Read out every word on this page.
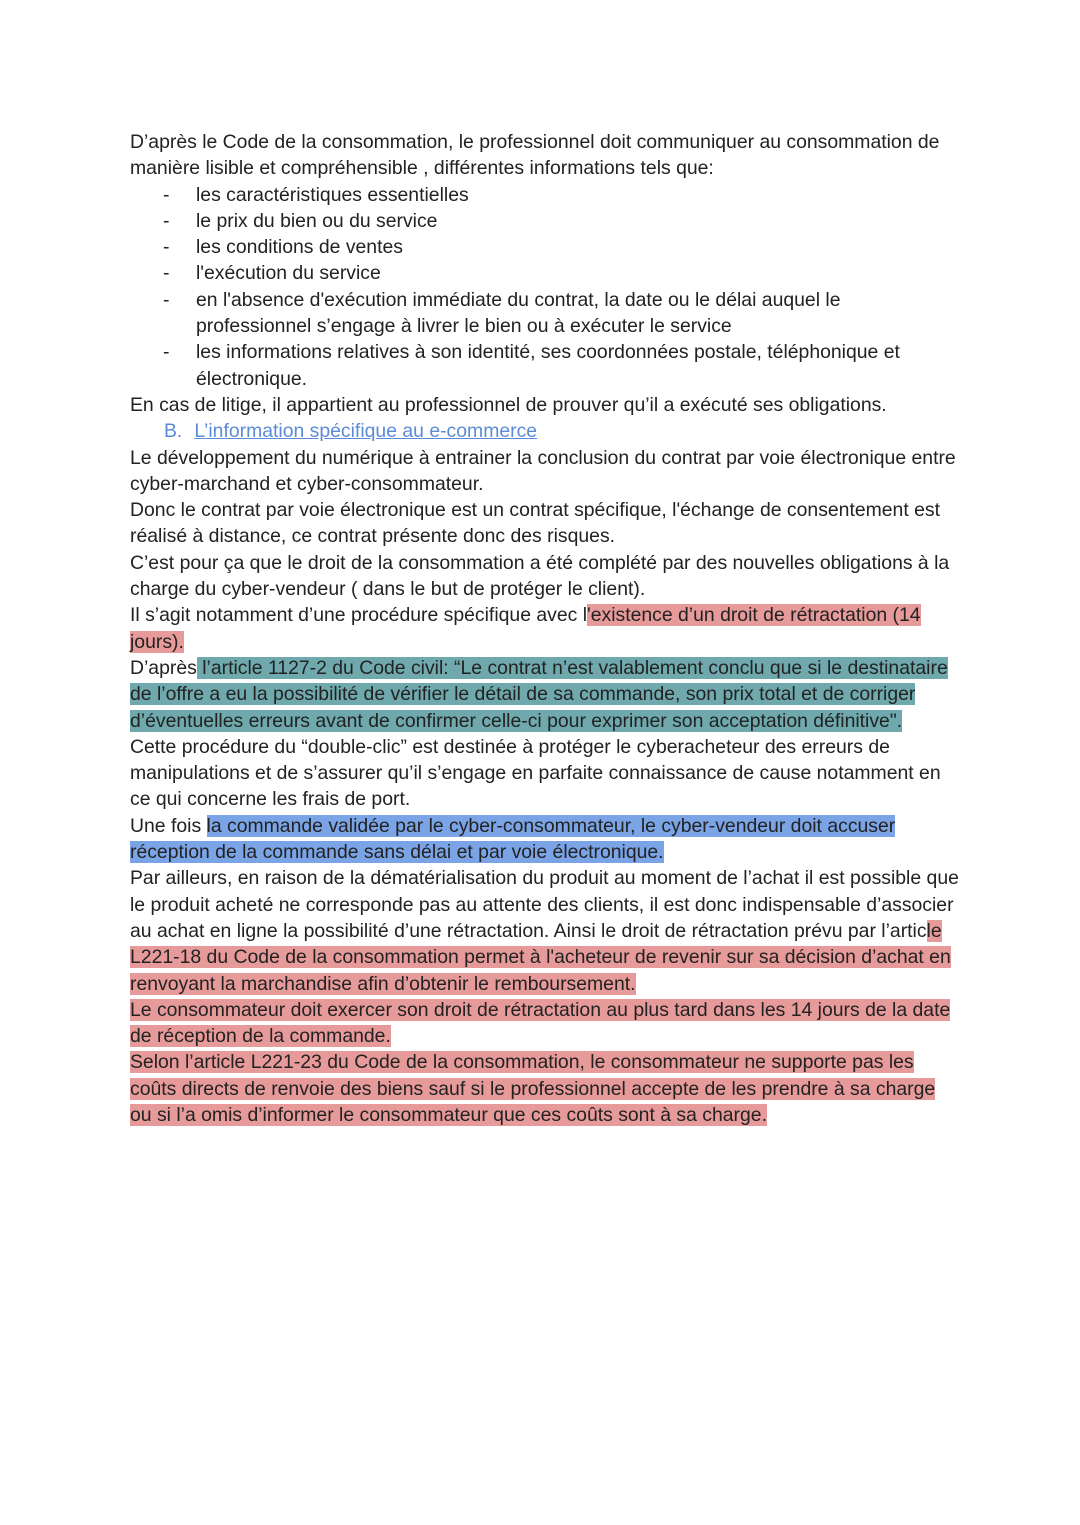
D’après le Code de la consommation, le professionnel doit communiquer au consommation de manière lisible et compréhensible , différentes informations tels que:

- les caractéristiques essentielles
- le prix du bien ou du service
- les conditions de ventes
- l'exécution du service
- en l'absence d'exécution immédiate du contrat, la date ou le délai auquel le professionnel s’engage à livrer le bien ou à exécuter le service
- les informations relatives à son identité, ses coordonnées postale, téléphonique et électronique.

En cas de litige, il appartient au professionnel de prouver qu’il a exécuté ses obligations.

B. L’information spécifique au e-commerce

Le développement du numérique à entrainer la conclusion du contrat par voie électronique entre cyber-marchand et cyber-consommateur.

Donc le contrat par voie électronique est un contrat spécifique, l'échange de consentement est réalisé à distance, ce contrat présente donc des risques.

C’est pour ça que le droit de la consommation a été complété par des nouvelles obligations à la charge du cyber-vendeur ( dans le but de protéger le client).

Il s’agit notamment d’une procédure spécifique avec l'existence d’un droit de rétractation (14 jours).

D’après l’article 1127-2 du Code civil: “Le contrat n’est valablement conclu que si le destinataire de l’offre a eu la possibilité de vérifier le détail de sa commande, son prix total et de corriger d’éventuelles erreurs avant de confirmer celle-ci pour exprimer son acceptation définitive".

Cette procédure du “double-clic” est destinée à protéger le cyberacheteur des erreurs de manipulations et de s’assurer qu’il s’engage en parfaite connaissance de cause notamment en ce qui concerne les frais de port.

Une fois la commande validée par le cyber-consommateur, le cyber-vendeur doit accuser réception de la commande sans délai et par voie électronique.

Par ailleurs, en raison de la dématérialisation du produit au moment de l’achat il est possible que le produit acheté ne corresponde pas au attente des clients, il est donc indispensable d’associer au achat en ligne la possibilité d’une rétractation. Ainsi le droit de rétractation prévu par l’article L221-18 du Code de la consommation permet à l'acheteur de revenir sur sa décision d’achat en renvoyant la marchandise afin d’obtenir le remboursement.

Le consommateur doit exercer son droit de rétractation au plus tard dans les 14 jours de la date de réception de la commande.

Selon l’article L221-23 du Code de la consommation, le consommateur ne supporte pas les coûts directs de renvoie des biens sauf si le professionnel accepte de les prendre à sa charge ou si l’a omis d’informer le consommateur que ces coûts sont à sa charge.
